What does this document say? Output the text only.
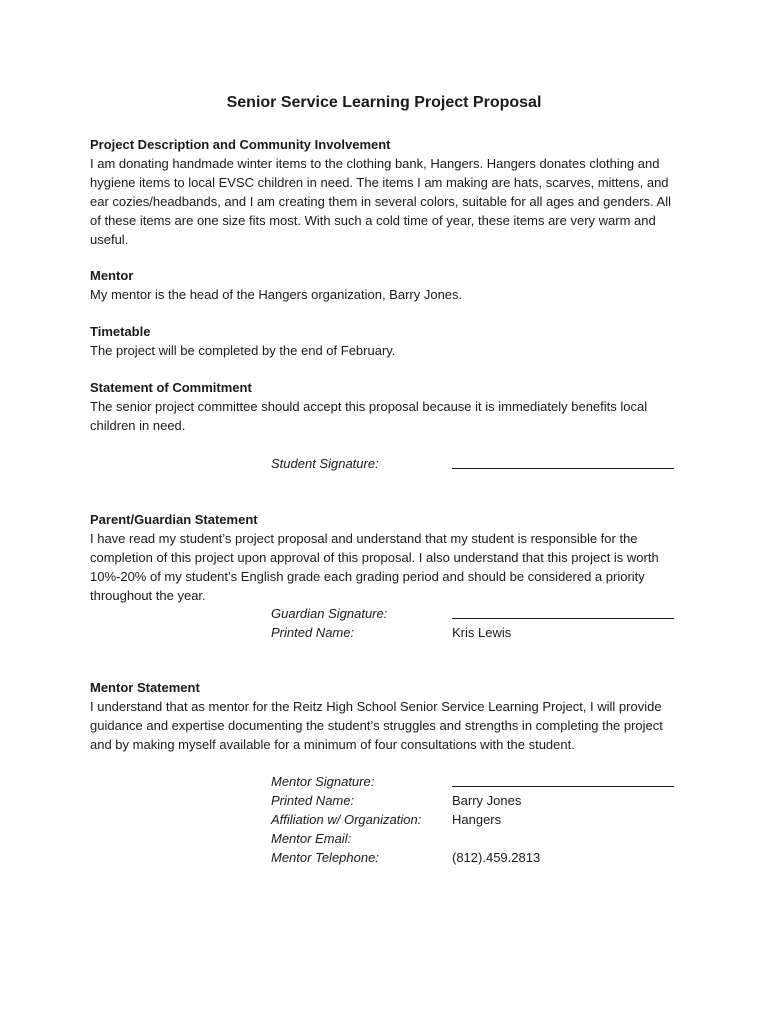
Senior Service Learning Project Proposal
Project Description and Community Involvement
I am donating handmade winter items to the clothing bank, Hangers. Hangers donates clothing and hygiene items to local EVSC children in need. The items I am making are hats, scarves, mittens, and ear cozies/headbands, and I am creating them in several colors, suitable for all ages and genders. All of these items are one size fits most. With such a cold time of year, these items are very warm and useful.
Mentor
My mentor is the head of the Hangers organization, Barry Jones.
Timetable
The project will be completed by the end of February.
Statement of Commitment
The senior project committee should accept this proposal because it is immediately benefits local children in need.
Student Signature:
Parent/Guardian Statement
I have read my student’s project proposal and understand that my student is responsible for the completion of this project upon approval of this proposal. I also understand that this project is worth 10%-20% of my student’s English grade each grading period and should be considered a priority throughout the year.
Guardian Signature:
Printed Name:	Kris Lewis
Mentor Statement
I understand that as mentor for the Reitz High School Senior Service Learning Project, I will provide guidance and expertise documenting the student’s struggles and strengths in completing the project and by making myself available for a minimum of four consultations with the student.
Mentor Signature:
Printed Name:	Barry Jones
Affiliation w/ Organization:	Hangers
Mentor Email:
Mentor Telephone:	(812).459.2813
